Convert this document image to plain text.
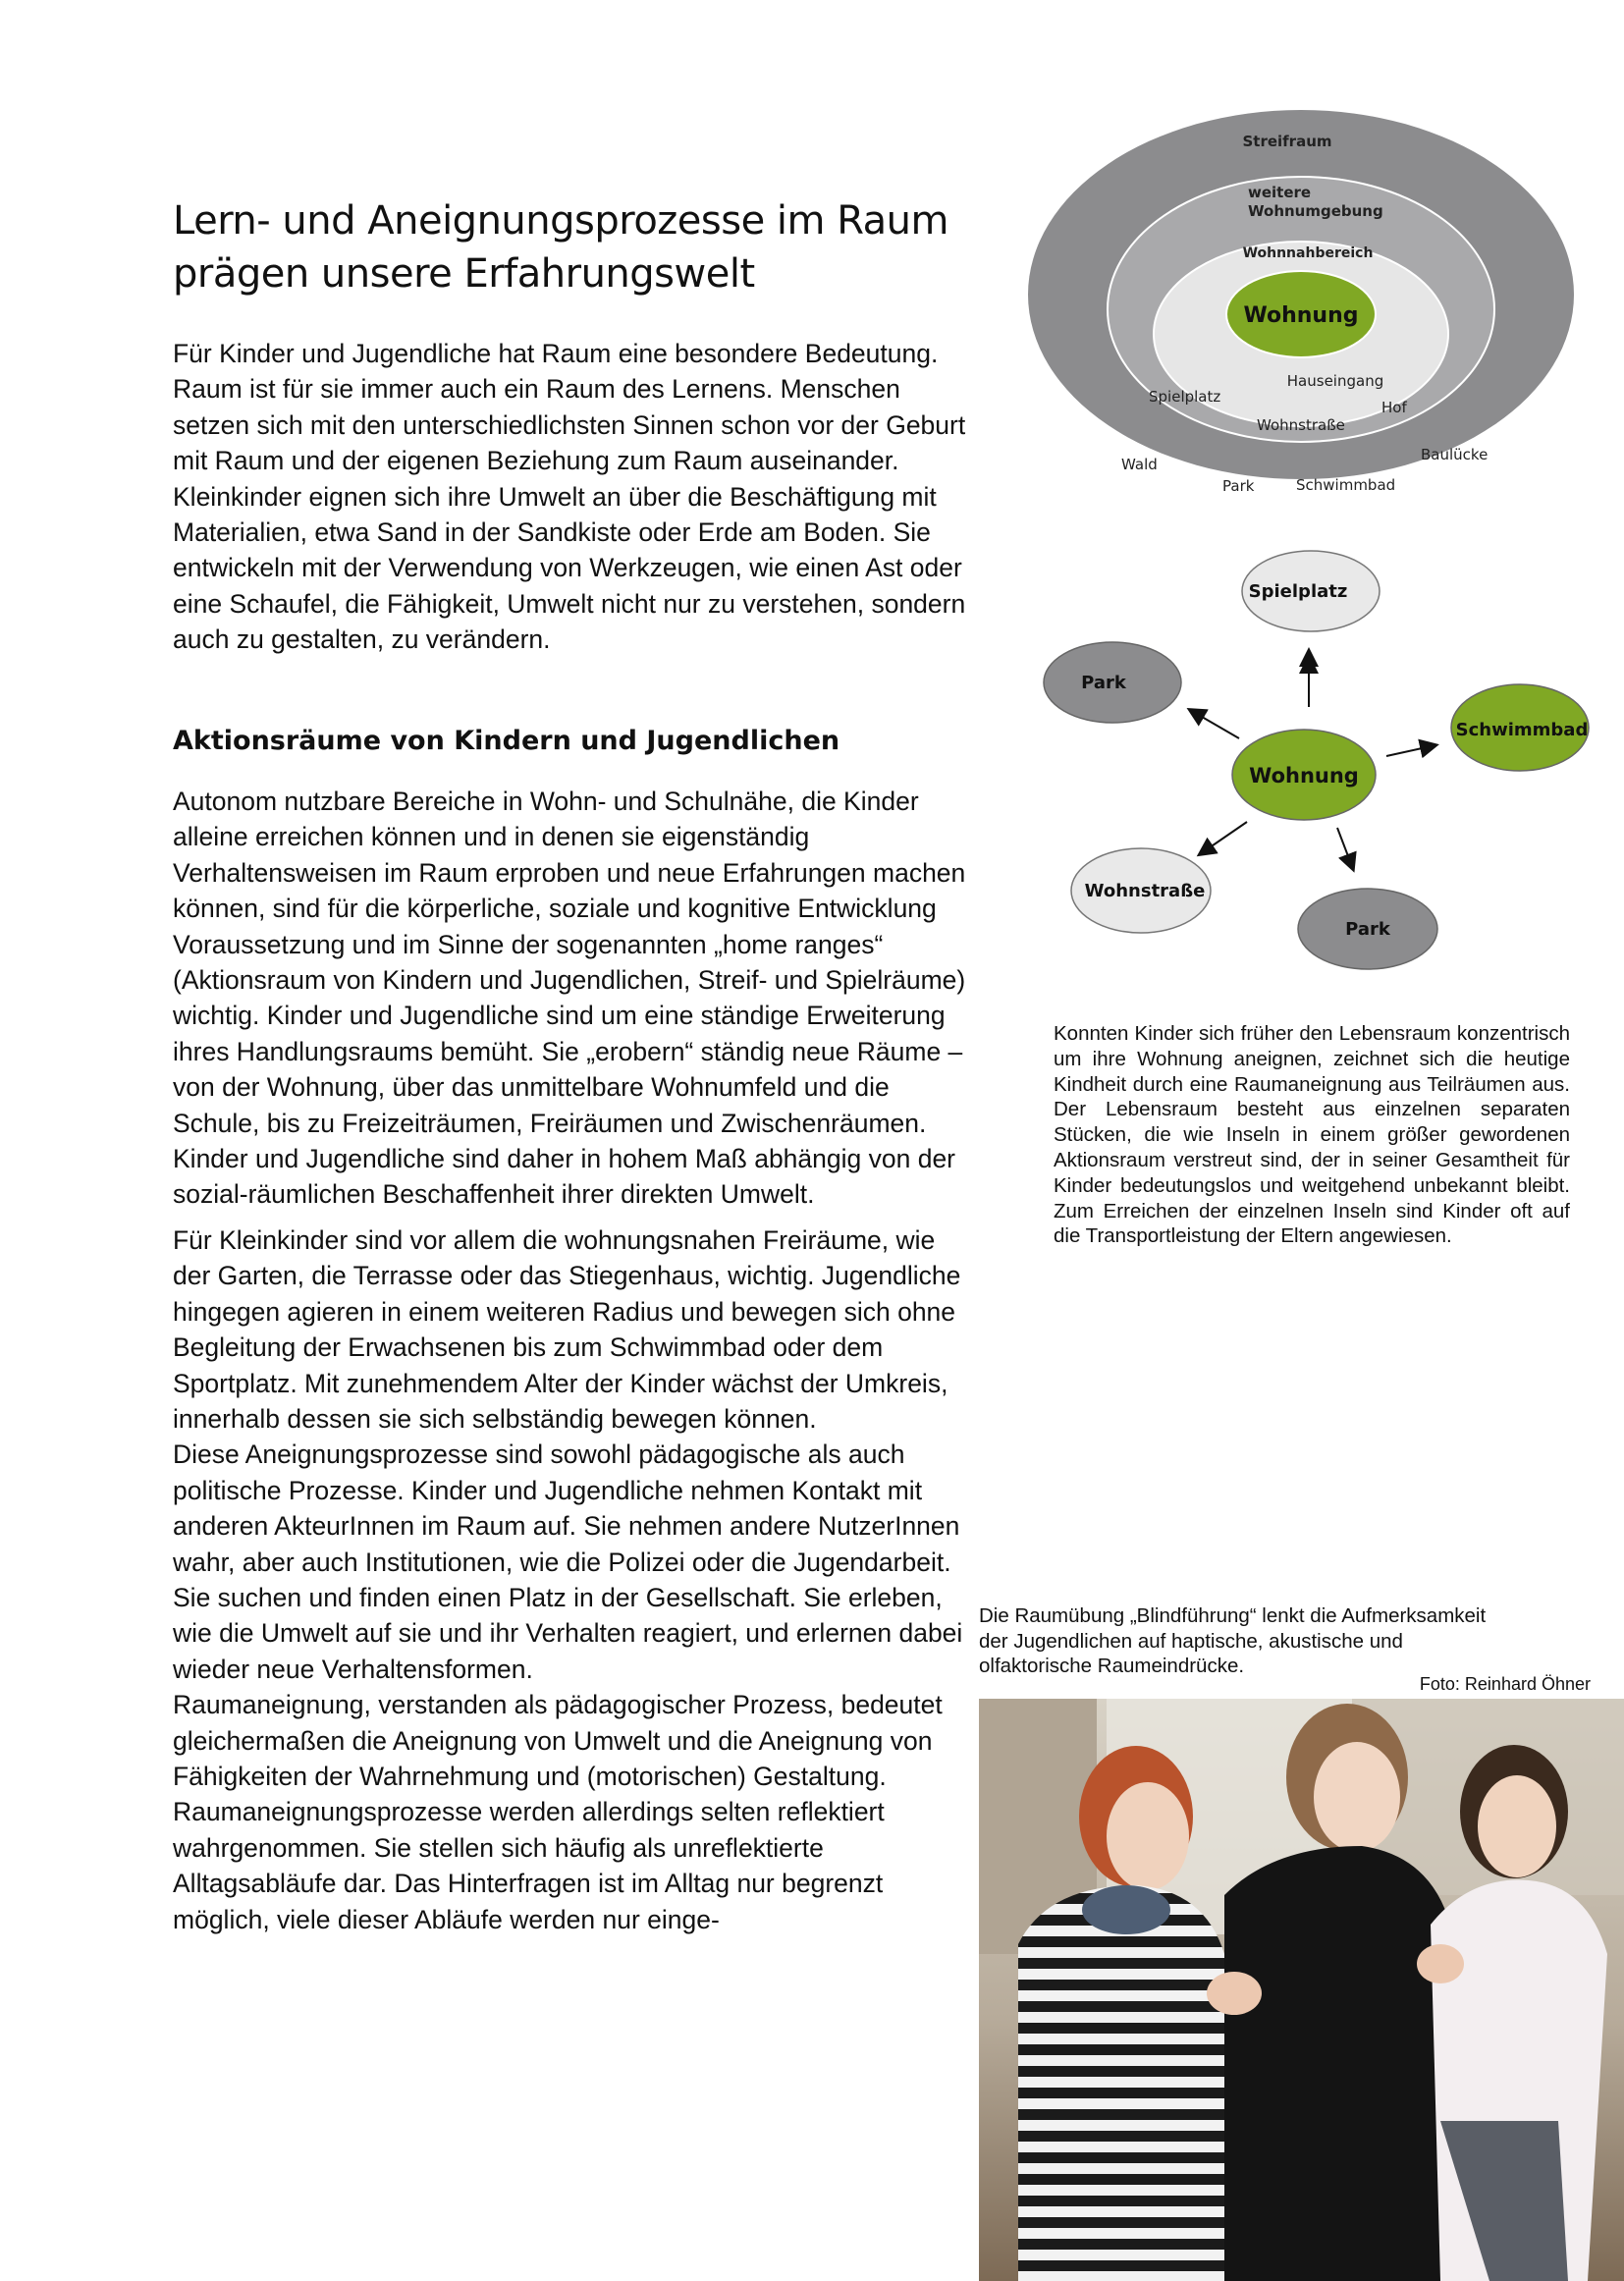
Lern- und Aneignungsprozesse im Raum
prägen unsere Erfahrungswelt

Für Kinder und Jugendliche hat Raum eine besondere Bedeutung. Raum ist für sie immer auch ein Raum des Lernens. Menschen setzen sich mit den unterschiedlichsten Sinnen schon vor der Geburt mit Raum und der eigenen Beziehung zum Raum auseinander. Kleinkinder eignen sich ihre Umwelt an über die Beschäftigung mit Materialien, etwa Sand in der Sandkiste oder Erde am Boden. Sie entwickeln mit der Verwendung von Werkzeugen, wie einen Ast oder eine Schaufel, die Fähigkeit, Umwelt nicht nur zu verstehen, sondern auch zu gestalten, zu verändern.

Aktionsräume von Kindern und Jugendlichen

Autonom nutzbare Bereiche in Wohn- und Schulnähe, die Kinder alleine erreichen können und in denen sie eigenständig Verhaltensweisen im Raum erproben und neue Erfahrungen machen können, sind für die körperliche, soziale und kognitive Entwicklung Voraussetzung und im Sinne der sogenannten „home ranges“ (Aktionsraum von Kindern und Jugendlichen, Streif- und Spielräume) wichtig. Kinder und Jugendliche sind um eine ständige Erweiterung ihres Handlungsraums bemüht. Sie „erobern“ ständig neue Räume – von der Wohnung, über das unmittelbare Wohnumfeld und die Schule, bis zu Freizeiträumen, Freiräumen und Zwischenräumen. Kinder und Jugendliche sind daher in hohem Maß abhängig von der sozial-räumlichen Beschaffenheit ihrer direkten Umwelt.

Für Kleinkinder sind vor allem die wohnungsnahen Freiräume, wie der Garten, die Terrasse oder das Stiegenhaus, wichtig. Jugendliche hingegen agieren in einem weiteren Radius und bewegen sich ohne Begleitung der Erwachsenen bis zum Schwimmbad oder dem Sportplatz. Mit zunehmendem Alter der Kinder wächst der Umkreis, innerhalb dessen sie sich selbständig bewegen können.

Diese Aneignungsprozesse sind sowohl pädagogische als auch politische Prozesse. Kinder und Jugendliche nehmen Kontakt mit anderen AkteurInnen im Raum auf. Sie nehmen andere NutzerInnen wahr, aber auch Institutionen, wie die Polizei oder die Jugendarbeit. Sie suchen und finden einen Platz in der Gesellschaft. Sie erleben, wie die Umwelt auf sie und ihr Verhalten reagiert, und erlernen dabei wieder neue Verhaltensformen.

Raumaneignung, verstanden als pädagogischer Prozess, bedeutet gleichermaßen die Aneignung von Umwelt und die Aneignung von Fähigkeiten der Wahrnehmung und (motorischen) Gestaltung.

Raumaneignungsprozesse werden allerdings selten reflektiert wahrgenommen. Sie stellen sich häufig als unreflektierte Alltagsabläufe dar. Das Hinterfragen ist im Alltag nur begrenzt möglich, viele dieser Abläufe werden nur einge-

Streifraum
weitere
Wohnumgebung
Wohnnahbereich
Wohnung
Hauseingang
Spielplatz
Hof
Wohnstraße
Wald
Park	Schwimmbad
Baulücke
Spielplatz
Park
Schwimmbad
Wohnung
Wohnstraße
Park
Konnten Kinder sich früher den Lebensraum konzentrisch um ihre Wohnung aneignen, zeichnet sich die heutige Kindheit durch eine Raumaneignung aus Teilräumen aus. Der Lebensraum besteht aus einzelnen separaten Stücken, die wie Inseln in einem größer gewordenen Aktionsraum verstreut sind, der in seiner Gesamtheit für Kinder bedeutungslos und weitgehend unbekannt bleibt. Zum Erreichen der einzelnen Inseln sind Kinder oft auf die Transportleistung der Eltern angewiesen.
Die Raumübung „Blindführung“ lenkt die Aufmerksamkeit der Jugendlichen auf haptische, akustische und olfaktorische Raumeindrücke.
Foto: Reinhard Öhner
